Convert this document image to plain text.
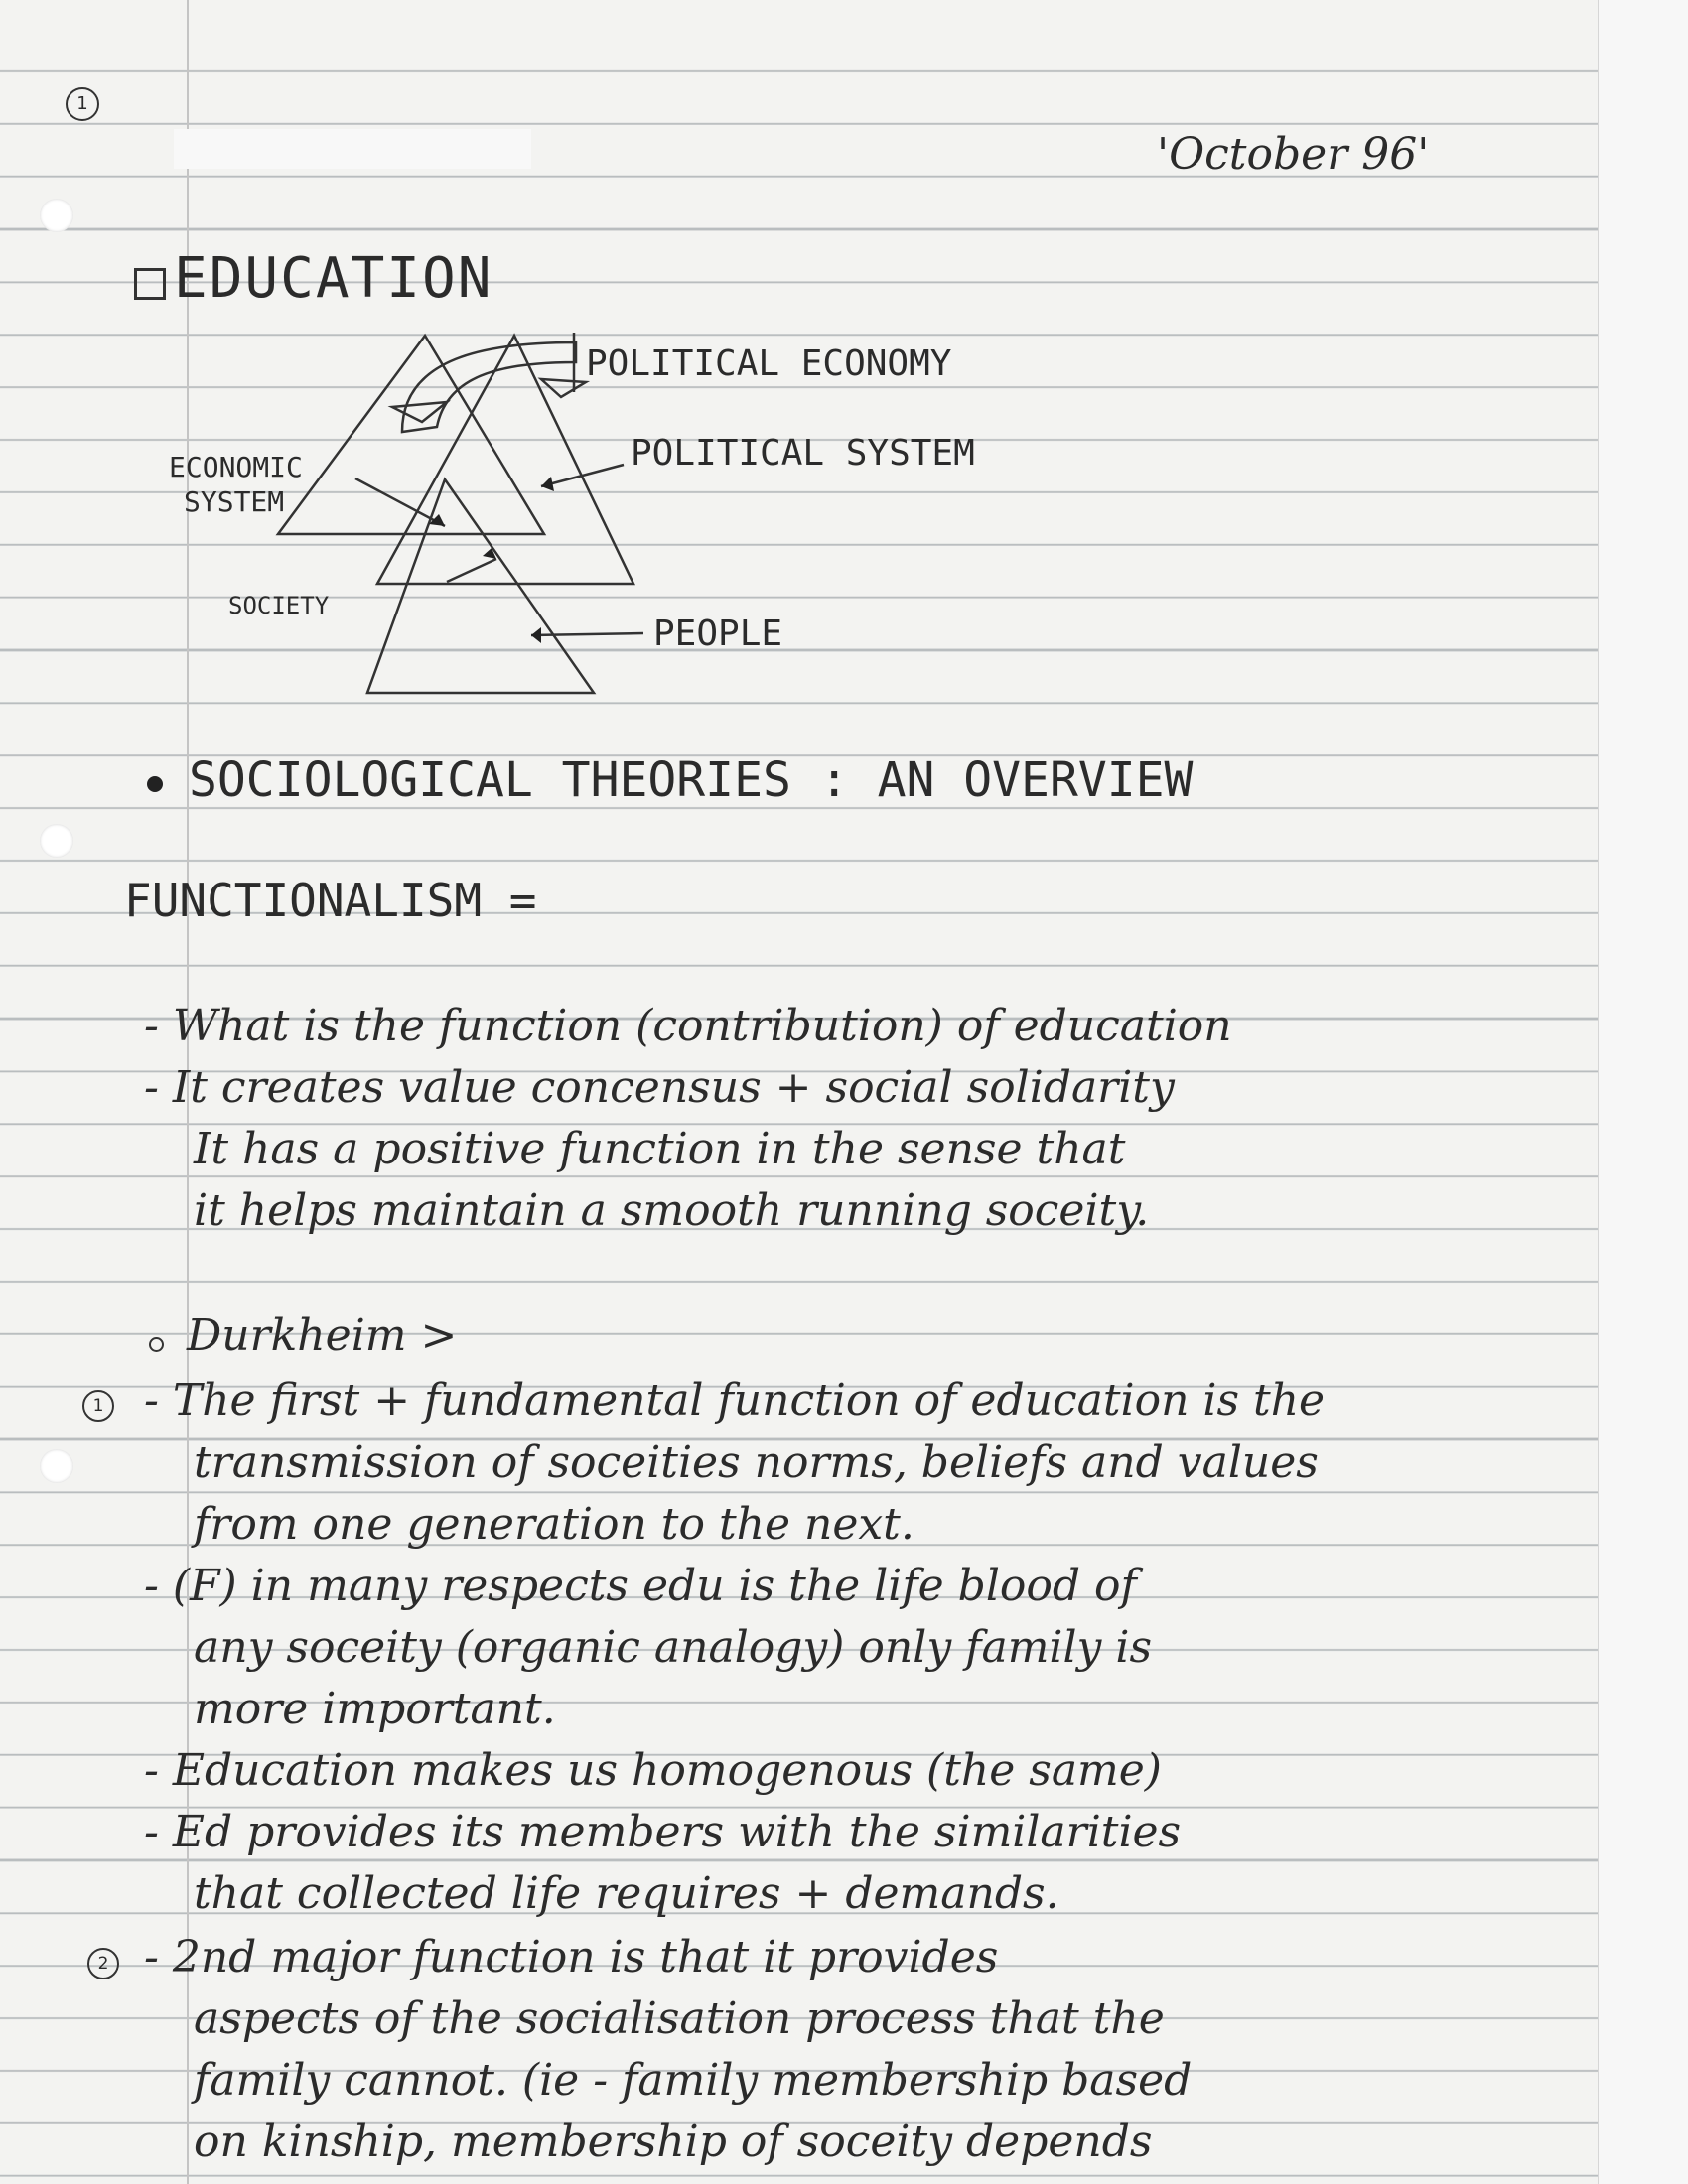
1
'October 96'
EDUCATION
POLITICAL ECONOMY
ECONOMIC
SYSTEM
POLITICAL SYSTEM
SOCIETY
PEOPLE
SOCIOLOGICAL THEORIES : AN OVERVIEW
FUNCTIONALISM =
- What is the function (contribution) of education
- It creates value concensus + social solidarity
It has a positive function in the sense that
it helps maintain a smooth running soceity.
Durkheim >
1 - The first + fundamental function of education is the
transmission of soceities norms, beliefs and values
from one generation to the next.
- (F) in many respects edu is the life blood of
any soceity (organic analogy) only family is
more important.
- Education makes us homogenous (the same)
- Ed provides its members with the similarities
that collected life requires + demands.
2 - 2nd major function is that it provides
aspects of the socialisation process that the
family cannot. (ie - family membership based
on kinship, membership of soceity depends
